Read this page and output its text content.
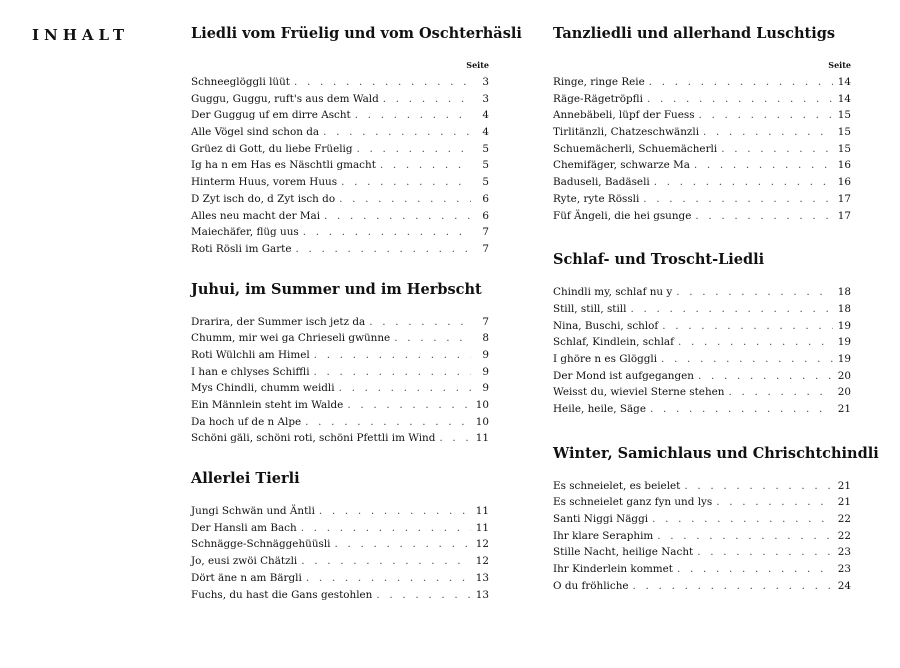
INHALT	Liedli vom Früelig und vom Oschterhäsli
Seite
Schneeglöggli lüüt . . .	3
Guggu, Guggu, ruft's aus dem Wald . . .	3
Der Guggug uf em dirre Ascht . . .	4
Alle Vögel sind schon da . . .	4
Grüez di Gott, du liebe Früelig . . .	5
Ig ha n em Has es Näschtli gmacht . . .	5
Hinterm Huus, vorem Huus . . .	5
D Zyt isch do, d Zyt isch do . . .	6
Alles neu macht der Mai . . .	6
Maiechäfer, flüg uus . . .	7
Roti Rösli im Garte . . .	7
Juhui, im Summer und im Herbscht
Drarira, der Summer isch jetz da . . .	7
Chumm, mir wei ga Chrieseli gwünne . . .	8
Roti Wülchli am Himel . . .	9
I han e chlyses Schiffli . . .	9
Mys Chindli, chumm weidli . . .	9
Ein Männlein steht im Walde . . .	10
Da hoch uf de n Alpe . . .	10
Schöni gäli, schöni roti, schöni Pfettli im Wind . . .	11
Allerlei Tierli
Jungi Schwän und Äntli . . .	11
Der Hansli am Bach . . .	11
Schnägge-Schnäggehüüsli . . .	12
Jo, eusi zwöi Chätzli . . .	12
Dört äne n am Bärgli . . .	13
Fuchs, du hast die Gans gestohlen . . .	13
Tanzliedli und allerhand Luschtigs
Seite
Ringe, ringe Reie . . .	14
Räge-Rägetröpfli . . .	14
Annebäbeli, lüpf der Fuess . . .	15
Tirlitänzli, Chatzeschwänzli . . .	15
Schuemächerli, Schuemächerli . . .	15
Chemifäger, schwarze Ma . . .	16
Baduseli, Badäseli . . .	16
Ryte, ryte Rössli . . .	17
Füf Ängeli, die hei gsunge . . .	17
Schlaf- und Troscht-Liedli
Chindli my, schlaf nu y . . .	18
Still, still, still . . .	18
Nina, Buschi, schlof . . .	19
Schlaf, Kindlein, schlaf . . .	19
I ghöre n es Glöggli . . .	19
Der Mond ist aufgegangen . . .	20
Weisst du, wieviel Sterne stehen . . .	20
Heile, heile, Säge . . .	21
Winter, Samichlaus und Chrischtchindli
Es schneielet, es beielet . . .	21
Es schneielet ganz fyn und lys . . .	21
Santi Niggi Näggi . . .	22
Ihr klare Seraphim . . .	22
Stille Nacht, heilige Nacht . . .	23
Ihr Kinderlein kommet . . .	23
O du fröhliche . . .	24
